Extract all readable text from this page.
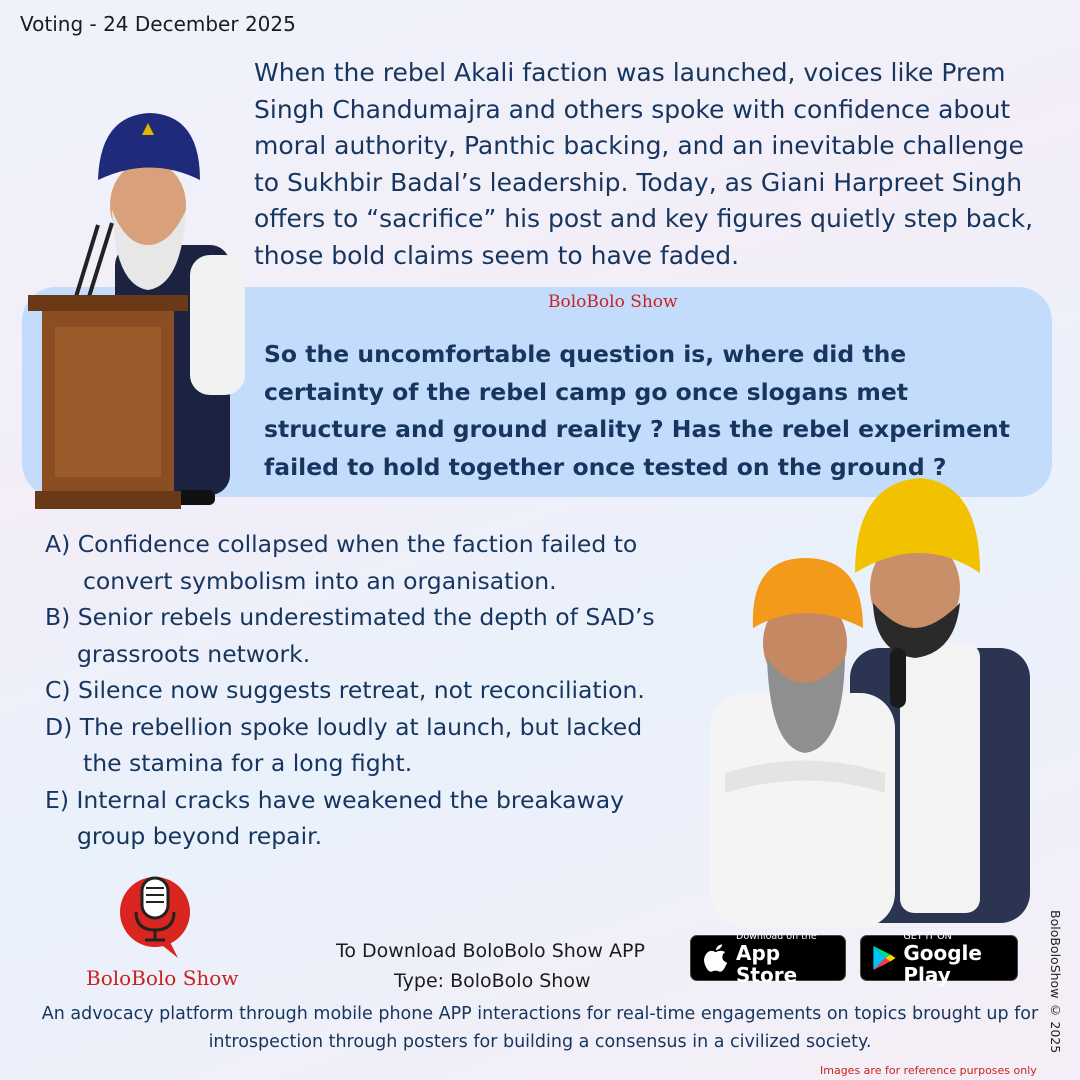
Voting - 24 December 2025
BoloBolo Show
When the rebel Akali faction was launched, voices like Prem Singh Chandumajra and others spoke with confidence about moral authority, Panthic backing, and an inevitable challenge to Sukhbir Badal’s leadership. Today, as Giani Harpreet Singh offers to “sacrifice” his post and key figures quietly step back, those bold claims seem to have faded.
So the uncomfortable question is, where did the certainty of the rebel camp go once slogans met structure and ground reality ? Has the rebel experiment failed to hold together once tested on the ground ?
A) Confidence collapsed when the faction failed to
convert symbolism into an organisation.
B) Senior rebels underestimated the depth of SAD’s
grassroots network.
C) Silence now suggests retreat, not reconciliation.
D) The rebellion spoke loudly at launch, but lacked
the stamina for a long fight.
E) Internal cracks have weakened the breakaway
group beyond repair.
BoloBolo Show
To Download BoloBolo Show APP
Type: BoloBolo Show
Download on the
App Store
GET IT ON
Google Play
An advocacy platform through mobile phone APP interactions for real-time engagements on topics brought up for introspection through posters for building a consensus in a civilized society.
Images are for reference purposes only
BoloBoloShow © 2025
